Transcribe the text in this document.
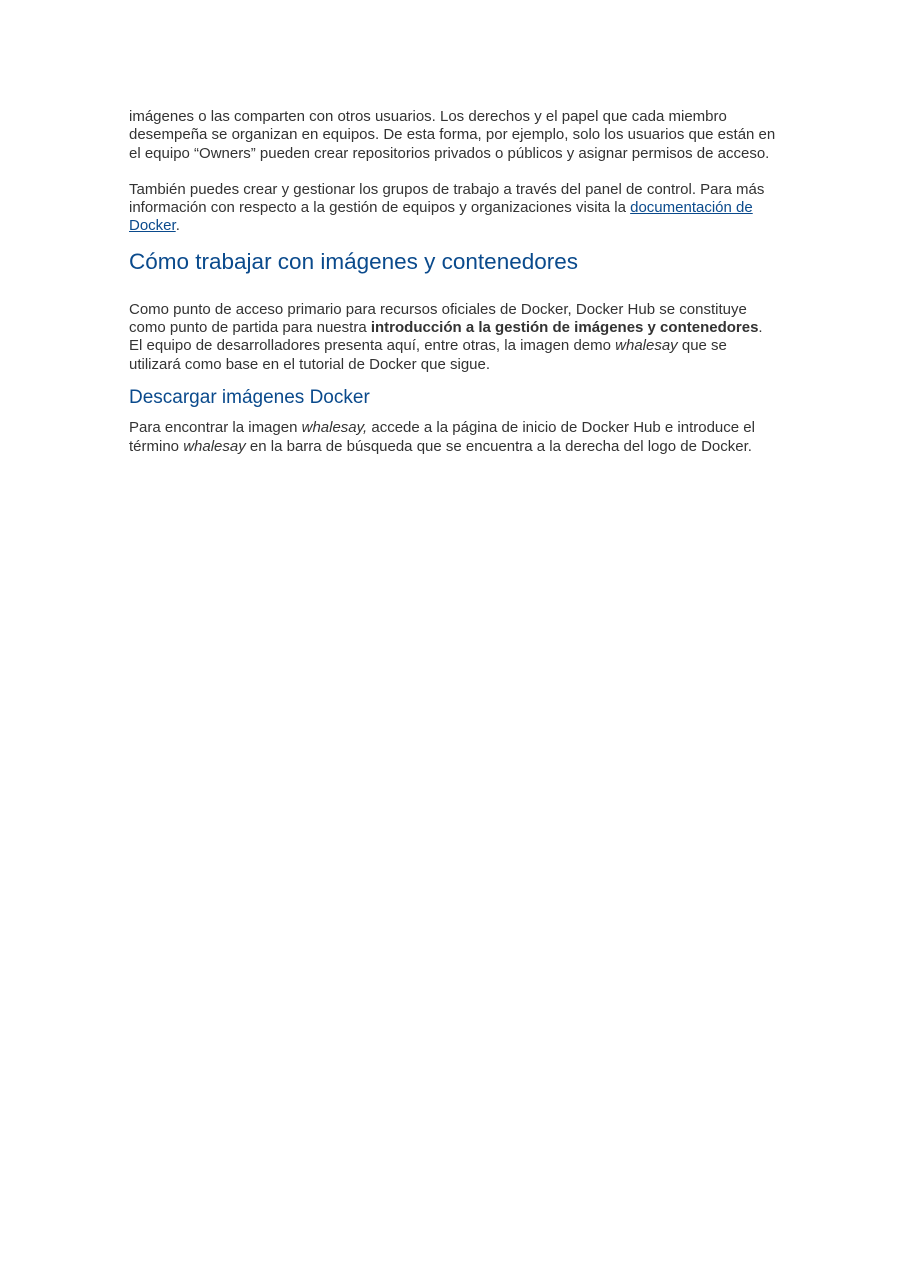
imágenes o las comparten con otros usuarios. Los derechos y el papel que cada miembro desempeña se organizan en equipos. De esta forma, por ejemplo, solo los usuarios que están en el equipo “Owners” pueden crear repositorios privados o públicos y asignar permisos de acceso.

También puedes crear y gestionar los grupos de trabajo a través del panel de control. Para más información con respecto a la gestión de equipos y organizaciones visita la documentación de Docker.

Cómo trabajar con imágenes y contenedores

Como punto de acceso primario para recursos oficiales de Docker, Docker Hub se constituye como punto de partida para nuestra introducción a la gestión de imágenes y contenedores. El equipo de desarrolladores presenta aquí, entre otras, la imagen demo whalesay que se utilizará como base en el tutorial de Docker que sigue.

Descargar imágenes Docker

Para encontrar la imagen whalesay, accede a la página de inicio de Docker Hub e introduce el término whalesay en la barra de búsqueda que se encuentra a la derecha del logo de Docker.
